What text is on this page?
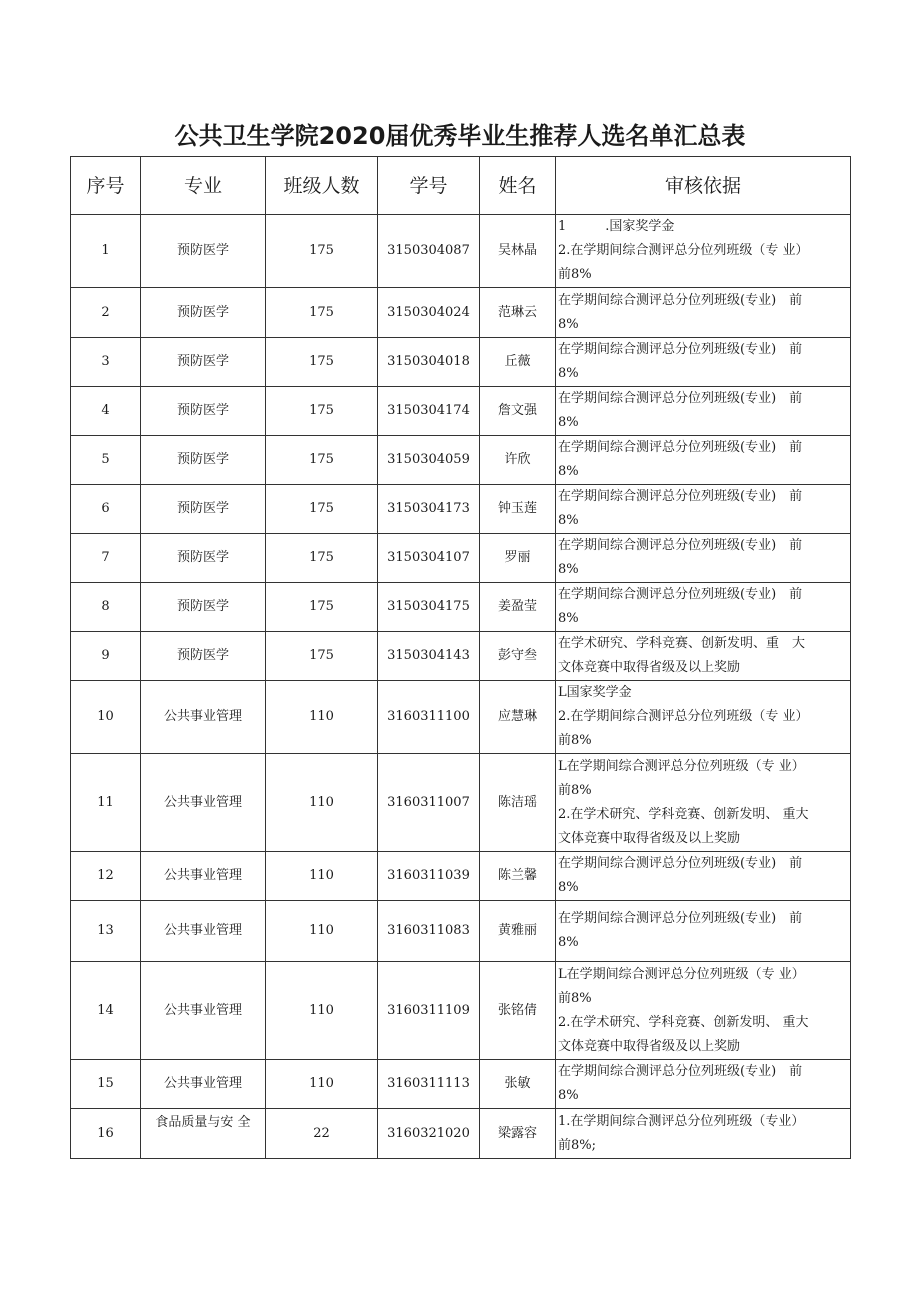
公共卫生学院2020届优秀毕业生推荐人选名单汇总表
序号	专业	班级人数	学号	姓名	审核依据
1	预防医学	175	3150304087	吴林晶	1　　　.国家奖学金
2.在学期间综合测评总分位列班级（专 业）
前8%

2	预防医学	175	3150304024	范琳云	在学期间综合测评总分位列班级(专业)　前
8%

3	预防医学	175	3150304018	丘薇	在学期间综合测评总分位列班级(专业)　前
8%

4	预防医学	175	3150304174	詹文强	在学期间综合测评总分位列班级(专业)　前
8%

5	预防医学	175	3150304059	许欣	在学期间综合测评总分位列班级(专业)　前
8%

6	预防医学	175	3150304173	钟玉莲	在学期间综合测评总分位列班级(专业)　前
8%

7	预防医学	175	3150304107	罗丽	在学期间综合测评总分位列班级(专业)　前
8%

8	预防医学	175	3150304175	姜盈莹	在学期间综合测评总分位列班级(专业)　前
8%

9	预防医学	175	3150304143	彭守叁	在学术研究、学科竞赛、创新发明、重　大
文体竞赛中取得省级及以上奖励

10	公共事业管理	110	3160311100	应慧琳	L国家奖学金
2.在学期间综合测评总分位列班级（专 业）
前8%

11	公共事业管理	110	3160311007	陈洁瑶	L在学期间综合测评总分位列班级（专 业）
前8%
2.在学术研究、学科竞赛、创新发明、 重大
文体竞赛中取得省级及以上奖励

12	公共事业管理	110	3160311039	陈兰馨	在学期间综合测评总分位列班级(专业)　前
8%

13	公共事业管理	110	3160311083	黄雅丽	在学期间综合测评总分位列班级(专业)　前
8%

14	公共事业管理	110	3160311109	张铭倩	L在学期间综合测评总分位列班级（专 业）
前8%
2.在学术研究、学科竞赛、创新发明、 重大
文体竞赛中取得省级及以上奖励

15	公共事业管理	110	3160311113	张敏	在学期间综合测评总分位列班级(专业)　前
8%

16	食品质量与安 全	22	3160321020	梁露容	1.在学期间综合测评总分位列班级（专业）
前8%;
